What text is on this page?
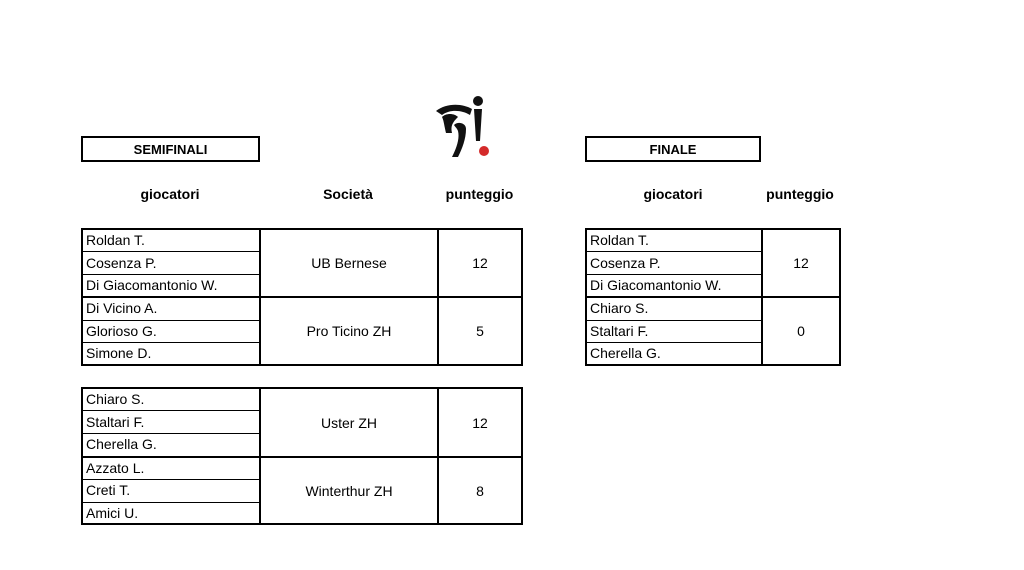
SEMIFINALI	FINALE
giocatori	Società	punteggio	giocatori	punteggio
Roldan T.
Cosenza P.
Di Giacomantonio W.
UB Bernese	12
Di Vicino A.
Glorioso G.
Simone D.
Pro Ticino ZH	5
Chiaro S.
Staltari F.
Cherella G.
Uster ZH	12
Azzato L.
Creti T.
Amici U.
Winterthur ZH	8
Roldan T.
Cosenza P.
Di Giacomantonio W.
12
Chiaro S.
Staltari F.
Cherella G.
0
